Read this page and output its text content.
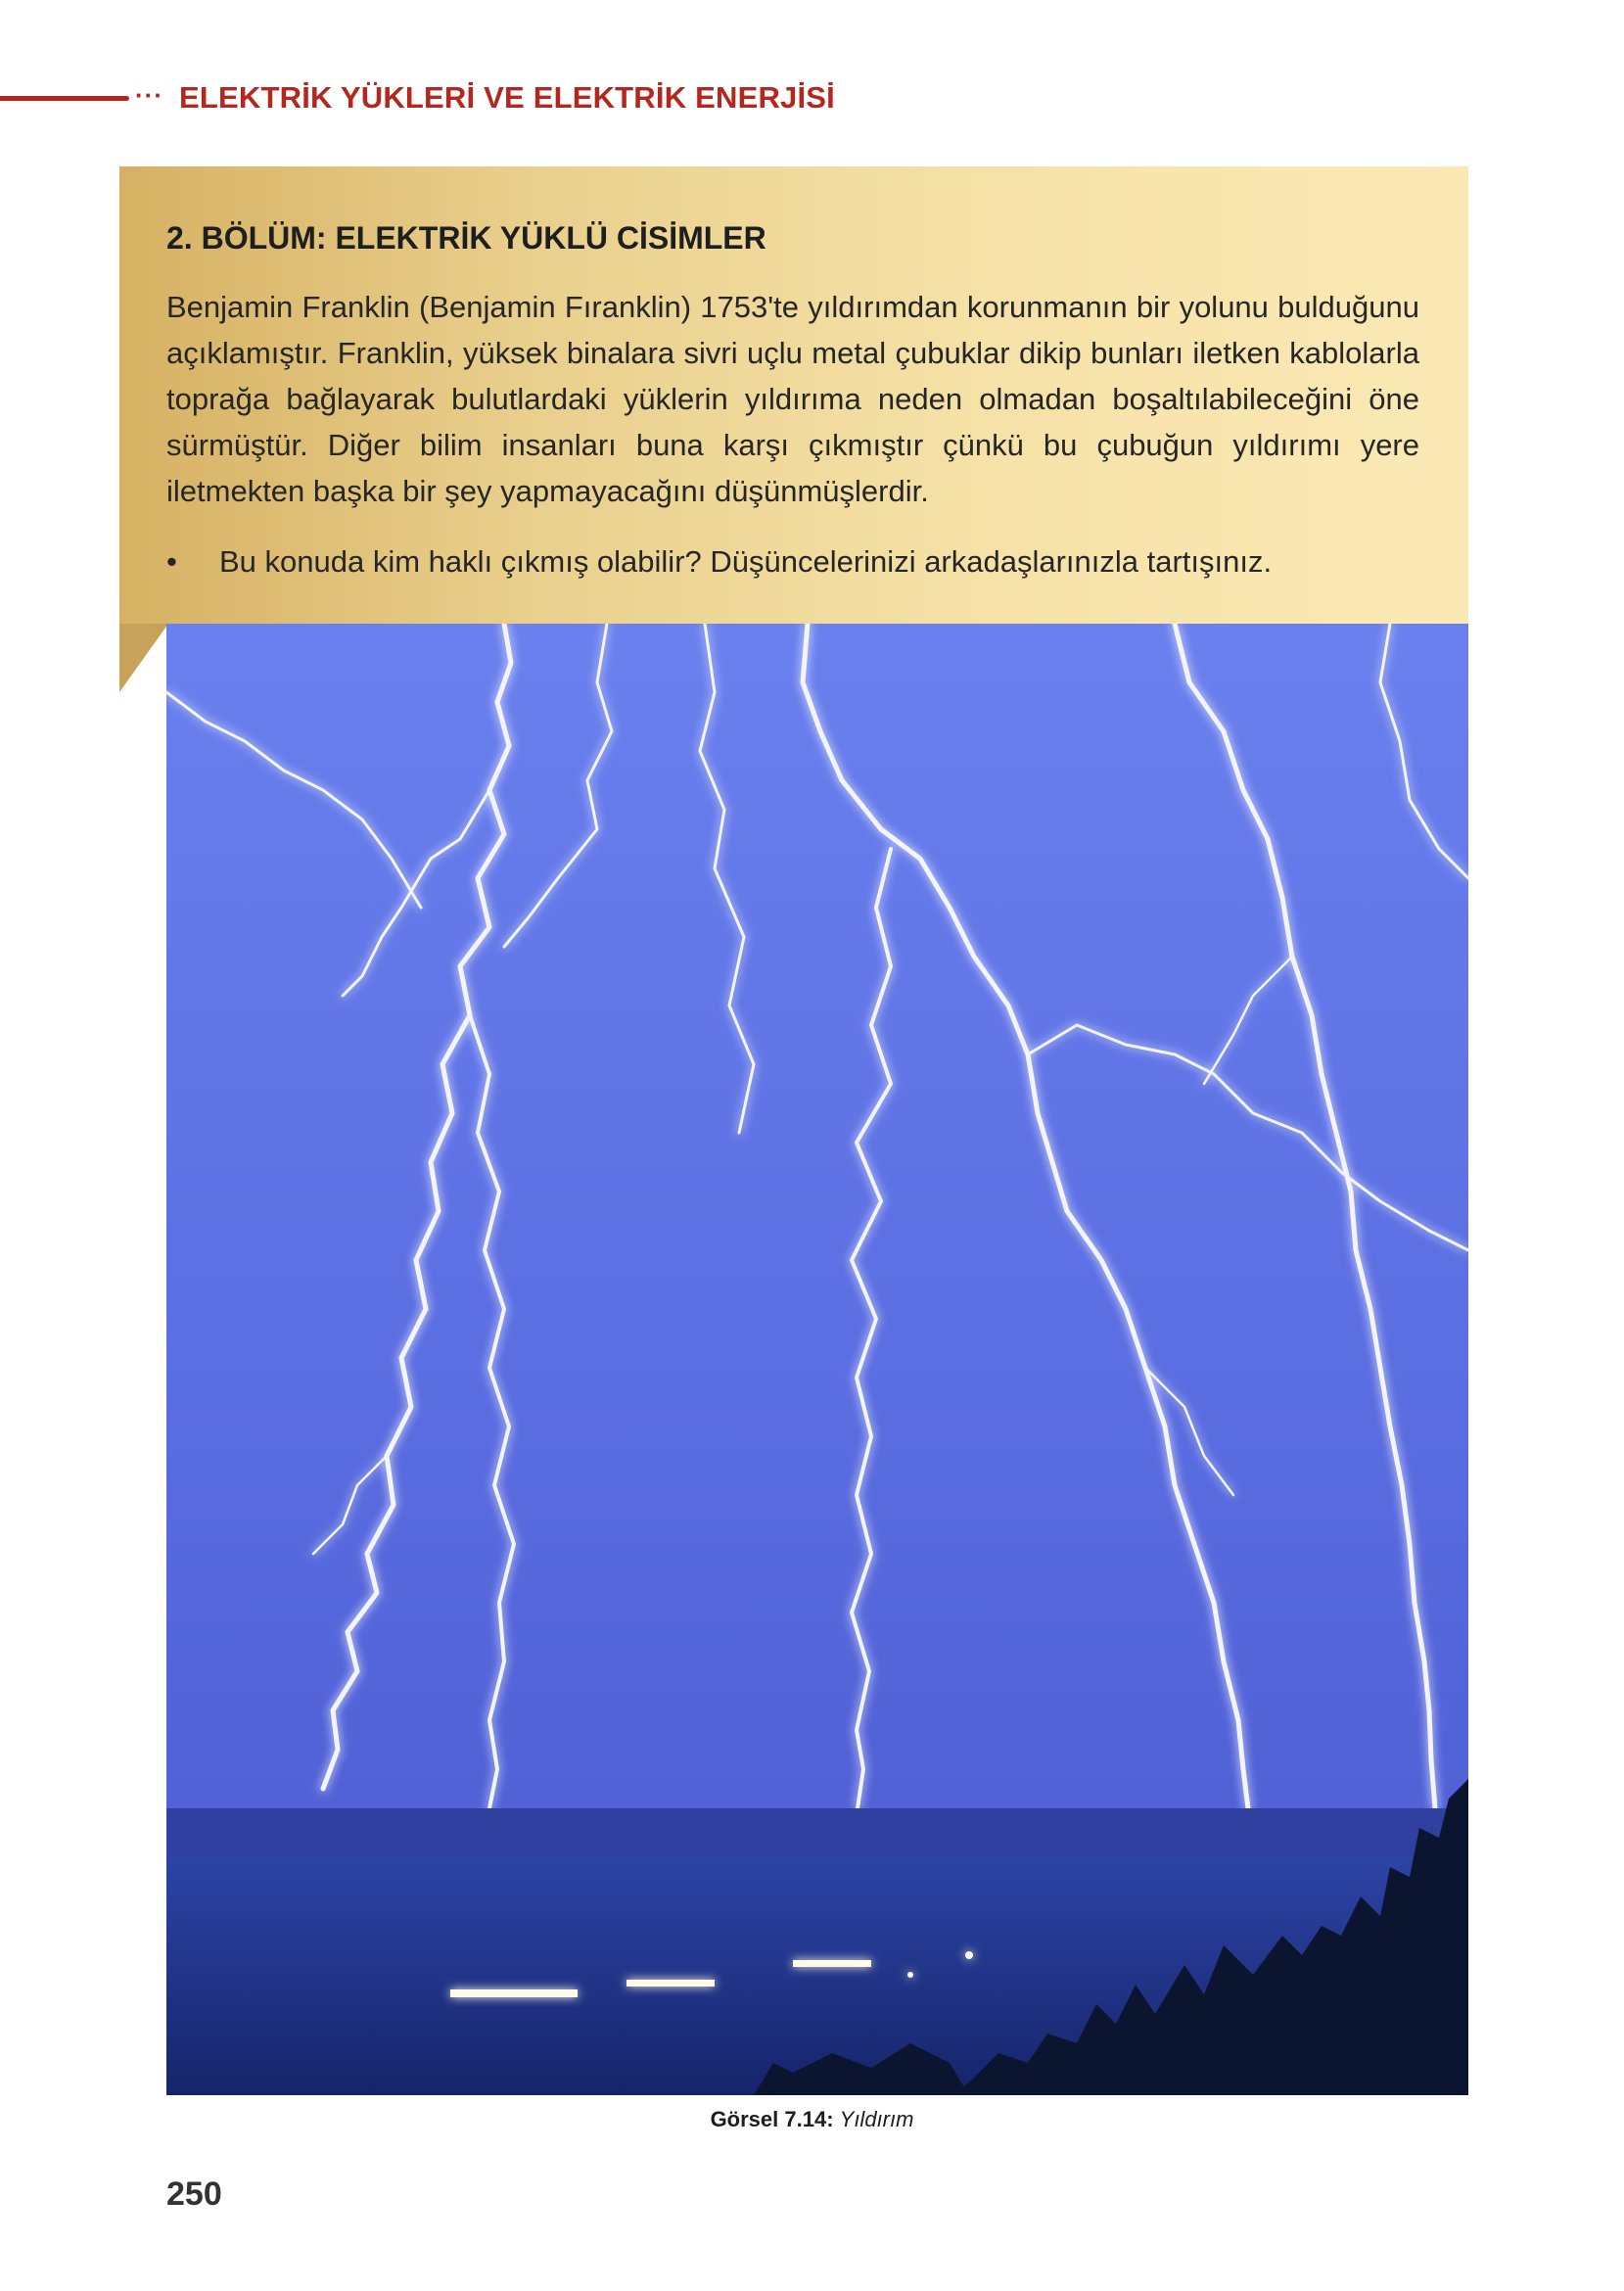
··· ELEKTRİK YÜKLERİ VE ELEKTRİK ENERJİSİ
2. BÖLÜM: ELEKTRİK YÜKLÜ CİSİMLER
Benjamin Franklin (Benjamin Fıranklin) 1753'te yıldırımdan korunmanın bir yolunu bulduğunu açıklamıştır. Franklin, yüksek binalara sivri uçlu metal çubuklar dikip bunları iletken kablolarla toprağa bağlayarak bulutlardaki yüklerin yıldırıma neden olmadan boşaltılabileceğini öne sürmüştür. Diğer bilim insanları buna karşı çıkmıştır çünkü bu çubuğun yıldırımı yere iletmekten başka bir şey yapmayacağını düşünmüşlerdir.
• Bu konuda kim haklı çıkmış olabilir? Düşüncelerinizi arkadaşlarınızla tartışınız.
Görsel 7.14: Yıldırım
250
